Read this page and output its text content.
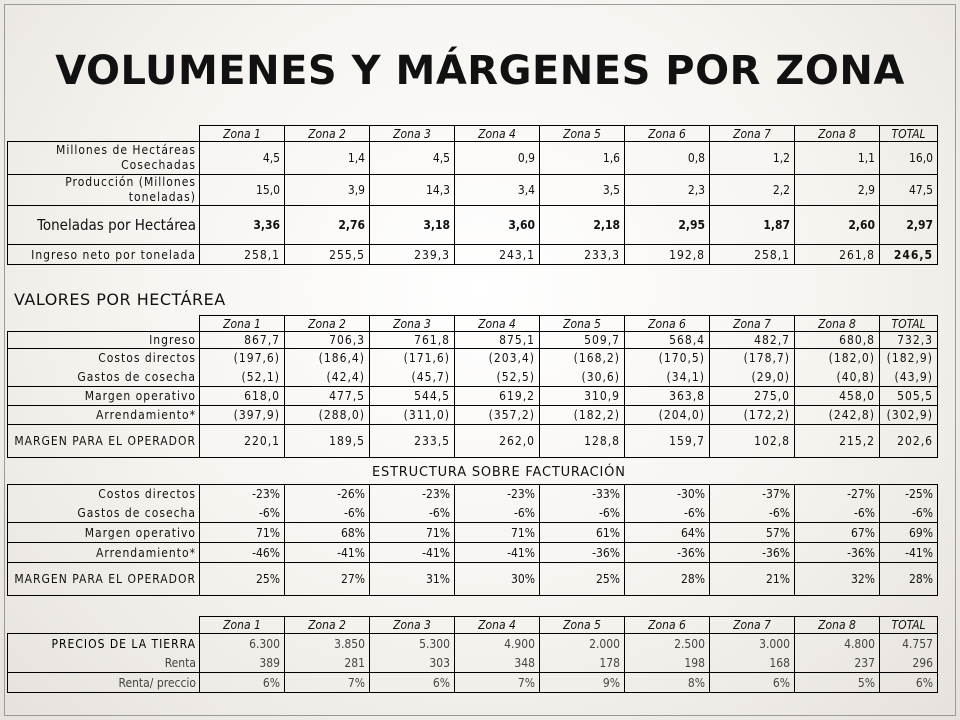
VOLUMENES Y MÁRGENES POR ZONA
	Zona 1	Zona 2	Zona 3	Zona 4	Zona 5	Zona 6	Zona 7	Zona 8	TOTAL

Millones de Hectáreas Cosechadas	4,5	1,4	4,5	0,9	1,6	0,8	1,2	1,1	16,0

Producción (Millones toneladas)	15,0	3,9	14,3	3,4	3,5	2,3	2,2	2,9	47,5
Toneladas por Hectárea	3,36	2,76	3,18	3,60	2,18	2,95	1,87	2,60	2,97
Ingreso neto por tonelada	258,1	255,5	239,3	243,1	233,3	192,8	258,1	261,8	246,5
VALORES POR HECTÁREA
	Zona 1	Zona 2	Zona 3	Zona 4	Zona 5	Zona 6	Zona 7	Zona 8	TOTAL
Ingreso	867,7	706,3	761,8	875,1	509,7	568,4	482,7	680,8	732,3
Costos directos	(197,6)	(186,4)	(171,6)	(203,4)	(168,2)	(170,5)	(178,7)	(182,0)	(182,9)
Gastos de cosecha	(52,1)	(42,4)	(45,7)	(52,5)	(30,6)	(34,1)	(29,0)	(40,8)	(43,9)
Margen operativo	618,0	477,5	544,5	619,2	310,9	363,8	275,0	458,0	505,5
Arrendamiento*	(397,9)	(288,0)	(311,0)	(357,2)	(182,2)	(204,0)	(172,2)	(242,8)	(302,9)

MARGEN PARA EL OPERADOR	220,1	189,5	233,5	262,0	128,8	159,7	102,8	215,2	202,6
ESTRUCTURA SOBRE FACTURACIÓN
Costos directos	-23%	-26%	-23%	-23%	-33%	-30%	-37%	-27%	-25%
Gastos de cosecha	-6%	-6%	-6%	-6%	-6%	-6%	-6%	-6%	-6%
Margen operativo	71%	68%	71%	71%	61%	64%	57%	67%	69%
Arrendamiento*	-46%	-41%	-41%	-41%	-36%	-36%	-36%	-36%	-41%

MARGEN PARA EL OPERADOR	25%	27%	31%	30%	25%	28%	21%	32%	28%
	Zona 1	Zona 2	Zona 3	Zona 4	Zona 5	Zona 6	Zona 7	Zona 8	TOTAL
PRECIOS DE LA TIERRA	6.300	3.850	5.300	4.900	2.000	2.500	3.000	4.800	4.757
Renta	389	281	303	348	178	198	168	237	296
Renta/ preccio	6%	7%	6%	7%	9%	8%	6%	5%	6%
